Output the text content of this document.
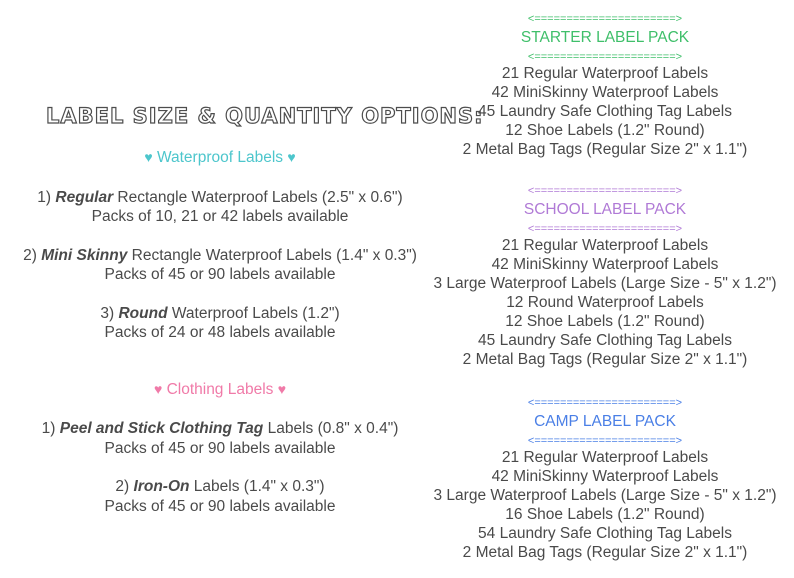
LABEL SIZE & QUANTITY OPTIONS:
♥ Waterproof Labels ♥
1) Regular Rectangle Waterproof Labels (2.5" x 0.6")
Packs of 10, 21 or 42 labels available
2) Mini Skinny Rectangle Waterproof Labels (1.4" x 0.3")
Packs of 45 or 90 labels available
3) Round Waterproof Labels (1.2")
Packs of 24 or 48 labels available
♥ Clothing Labels ♥
1) Peel and Stick Clothing Tag Labels (0.8" x 0.4")
Packs of 45 or 90 labels available
2) Iron-On Labels (1.4" x 0.3")
Packs of 45 or 90 labels available
<======================>
STARTER LABEL PACK
<======================>
21 Regular Waterproof Labels
42 MiniSkinny Waterproof Labels
45 Laundry Safe Clothing Tag Labels
12 Shoe Labels (1.2" Round)
2 Metal Bag Tags (Regular Size 2" x 1.1")
<======================>
SCHOOL LABEL PACK
<======================>
21 Regular Waterproof Labels
42 MiniSkinny Waterproof Labels
3 Large Waterproof Labels (Large Size - 5" x 1.2")
12 Round Waterproof Labels
12 Shoe Labels (1.2" Round)
45 Laundry Safe Clothing Tag Labels
2 Metal Bag Tags (Regular Size 2" x 1.1")
<======================>
CAMP LABEL PACK
<======================>
21 Regular Waterproof Labels
42 MiniSkinny Waterproof Labels
3 Large Waterproof Labels (Large Size - 5" x 1.2")
16 Shoe Labels (1.2" Round)
54 Laundry Safe Clothing Tag Labels
2 Metal Bag Tags (Regular Size 2" x 1.1")
